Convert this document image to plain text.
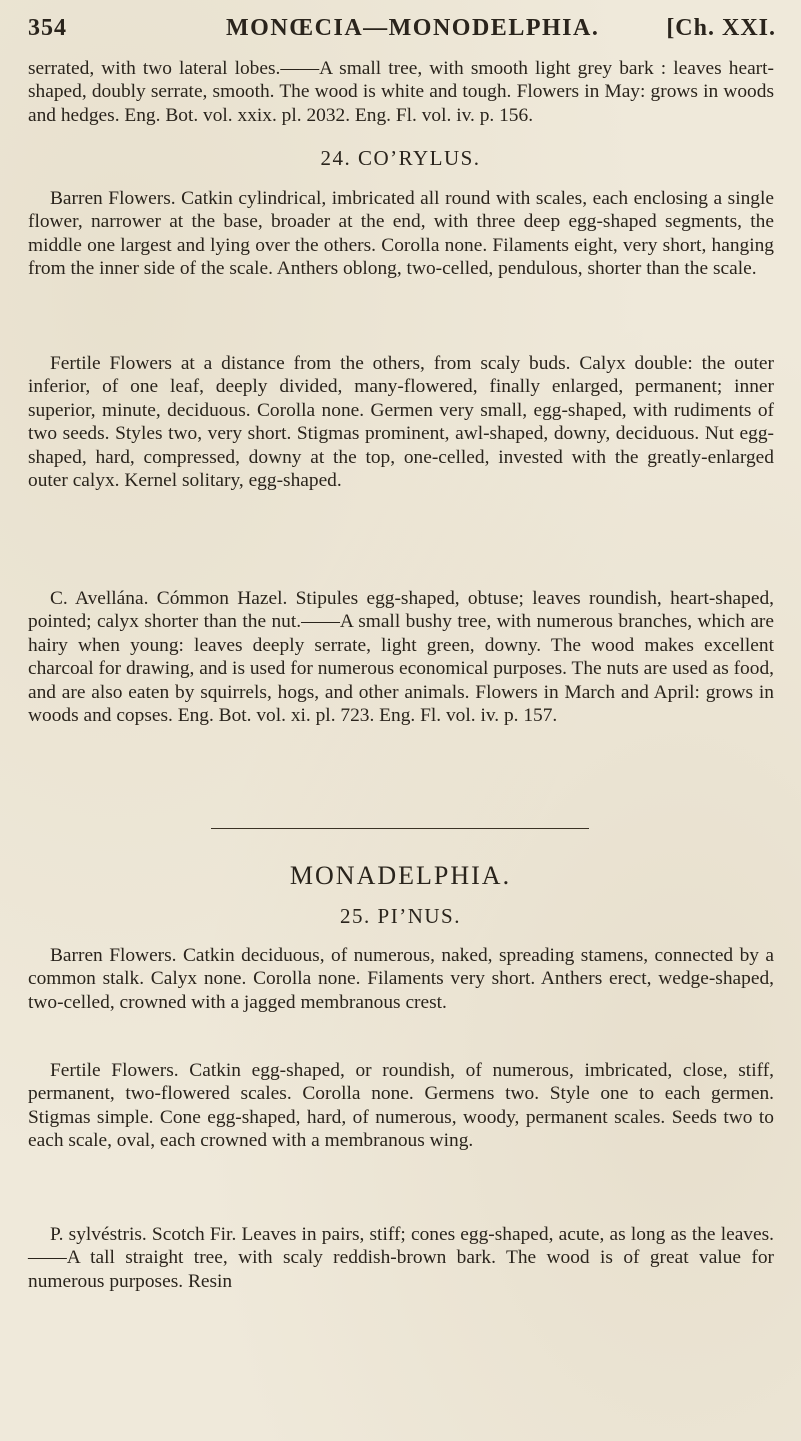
354	MONŒCIA—MONODELPHIA.	[Ch. XXI.

serrated, with two lateral lobes.——A small tree, with smooth light grey bark : leaves heart-shaped, doubly serrate, smooth. The wood is white and tough. Flowers in May: grows in woods and hedges. Eng. Bot. vol. xxix. pl. 2032. Eng. Fl. vol. iv. p. 156.

24. CO’RYLUS.

Barren Flowers. Catkin cylindrical, imbricated all round with scales, each enclosing a single flower, narrower at the base, broader at the end, with three deep egg-shaped segments, the middle one largest and lying over the others. Corolla none. Filaments eight, very short, hanging from the inner side of the scale. Anthers oblong, two-celled, pendulous, shorter than the scale.

Fertile Flowers at a distance from the others, from scaly buds. Calyx double: the outer inferior, of one leaf, deeply divided, many-flowered, finally enlarged, permanent; inner superior, minute, deciduous. Corolla none. Germen very small, egg-shaped, with rudiments of two seeds. Styles two, very short. Stigmas prominent, awl-shaped, downy, deciduous. Nut egg-shaped, hard, compressed, downy at the top, one-celled, invested with the greatly-enlarged outer calyx. Kernel solitary, egg-shaped.

C. Avellána. Cómmon Hazel. Stipules egg-shaped, obtuse; leaves roundish, heart-shaped, pointed; calyx shorter than the nut.——A small bushy tree, with numerous branches, which are hairy when young: leaves deeply serrate, light green, downy. The wood makes excellent charcoal for drawing, and is used for numerous economical purposes. The nuts are used as food, and are also eaten by squirrels, hogs, and other animals. Flowers in March and April: grows in woods and copses. Eng. Bot. vol. xi. pl. 723. Eng. Fl. vol. iv. p. 157.

MONADELPHIA.

25. PI’NUS.

Barren Flowers. Catkin deciduous, of numerous, naked, spreading stamens, connected by a common stalk. Calyx none. Corolla none. Filaments very short. Anthers erect, wedge-shaped, two-celled, crowned with a jagged membranous crest.

Fertile Flowers. Catkin egg-shaped, or roundish, of numerous, imbricated, close, stiff, permanent, two-flowered scales. Corolla none. Germens two. Style one to each germen. Stigmas simple. Cone egg-shaped, hard, of numerous, woody, permanent scales. Seeds two to each scale, oval, each crowned with a membranous wing.

P. sylvéstris. Scotch Fir. Leaves in pairs, stiff; cones egg-shaped, acute, as long as the leaves.——A tall straight tree, with scaly reddish-brown bark. The wood is of great value for numerous purposes. Resin
